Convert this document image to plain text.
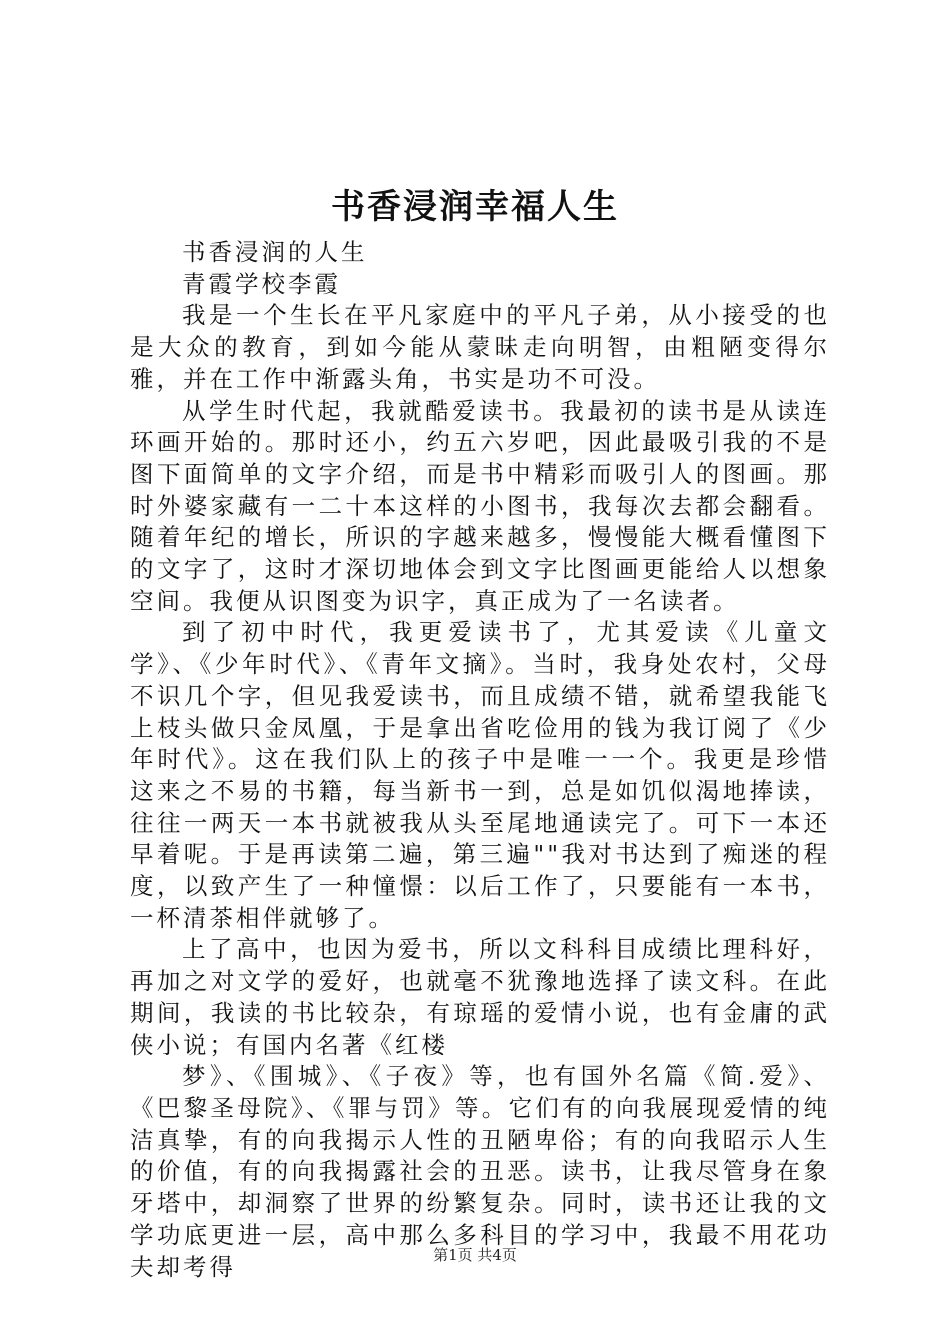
书香浸润幸福人生

书香浸润的人生

青霞学校李霞

我是一个生长在平凡家庭中的平凡子弟，从小接受的也是大众的教育，到如今能从蒙昧走向明智，由粗陋变得尔雅，并在工作中渐露头角，书实是功不可没。

从学生时代起，我就酷爱读书。我最初的读书是从读连环画开始的。那时还小，约五六岁吧，因此最吸引我的不是图下面简单的文字介绍，而是书中精彩而吸引人的图画。那时外婆家藏有一二十本这样的小图书，我每次去都会翻看。随着年纪的增长，所识的字越来越多，慢慢能大概看懂图下的文字了，这时才深切地体会到文字比图画更能给人以想象空间。我便从识图变为识字，真正成为了一名读者。

到了初中时代，我更爱读书了，尤其爱读《儿童文学》、《少年时代》、《青年文摘》。当时，我身处农村，父母不识几个字，但见我爱读书，而且成绩不错，就希望我能飞上枝头做只金凤凰，于是拿出省吃俭用的钱为我订阅了《少年时代》。这在我们队上的孩子中是唯一一个。我更是珍惜这来之不易的书籍，每当新书一到，总是如饥似渴地捧读，往往一两天一本书就被我从头至尾地通读完了。可下一本还早着呢。于是再读第二遍，第三遍""我对书达到了痴迷的程度，以致产生了一种憧憬：以后工作了，只要能有一本书，一杯清茶相伴就够了。

上了高中，也因为爱书，所以文科科目成绩比理科好，再加之对文学的爱好，也就毫不犹豫地选择了读文科。在此期间，我读的书比较杂，有琼瑶的爱情小说，也有金庸的武侠小说；有国内名著《红楼

梦》、《围城》、《子夜》等，也有国外名篇《简.爱》、《巴黎圣母院》、《罪与罚》等。它们有的向我展现爱情的纯洁真挚，有的向我揭示人性的丑陋卑俗；有的向我昭示人生的价值，有的向我揭露社会的丑恶。读书，让我尽管身在象牙塔中，却洞察了世界的纷繁复杂。同时，读书还让我的文学功底更进一层，高中那么多科目的学习中，我最不用花功夫却考得	第1页 共4页
